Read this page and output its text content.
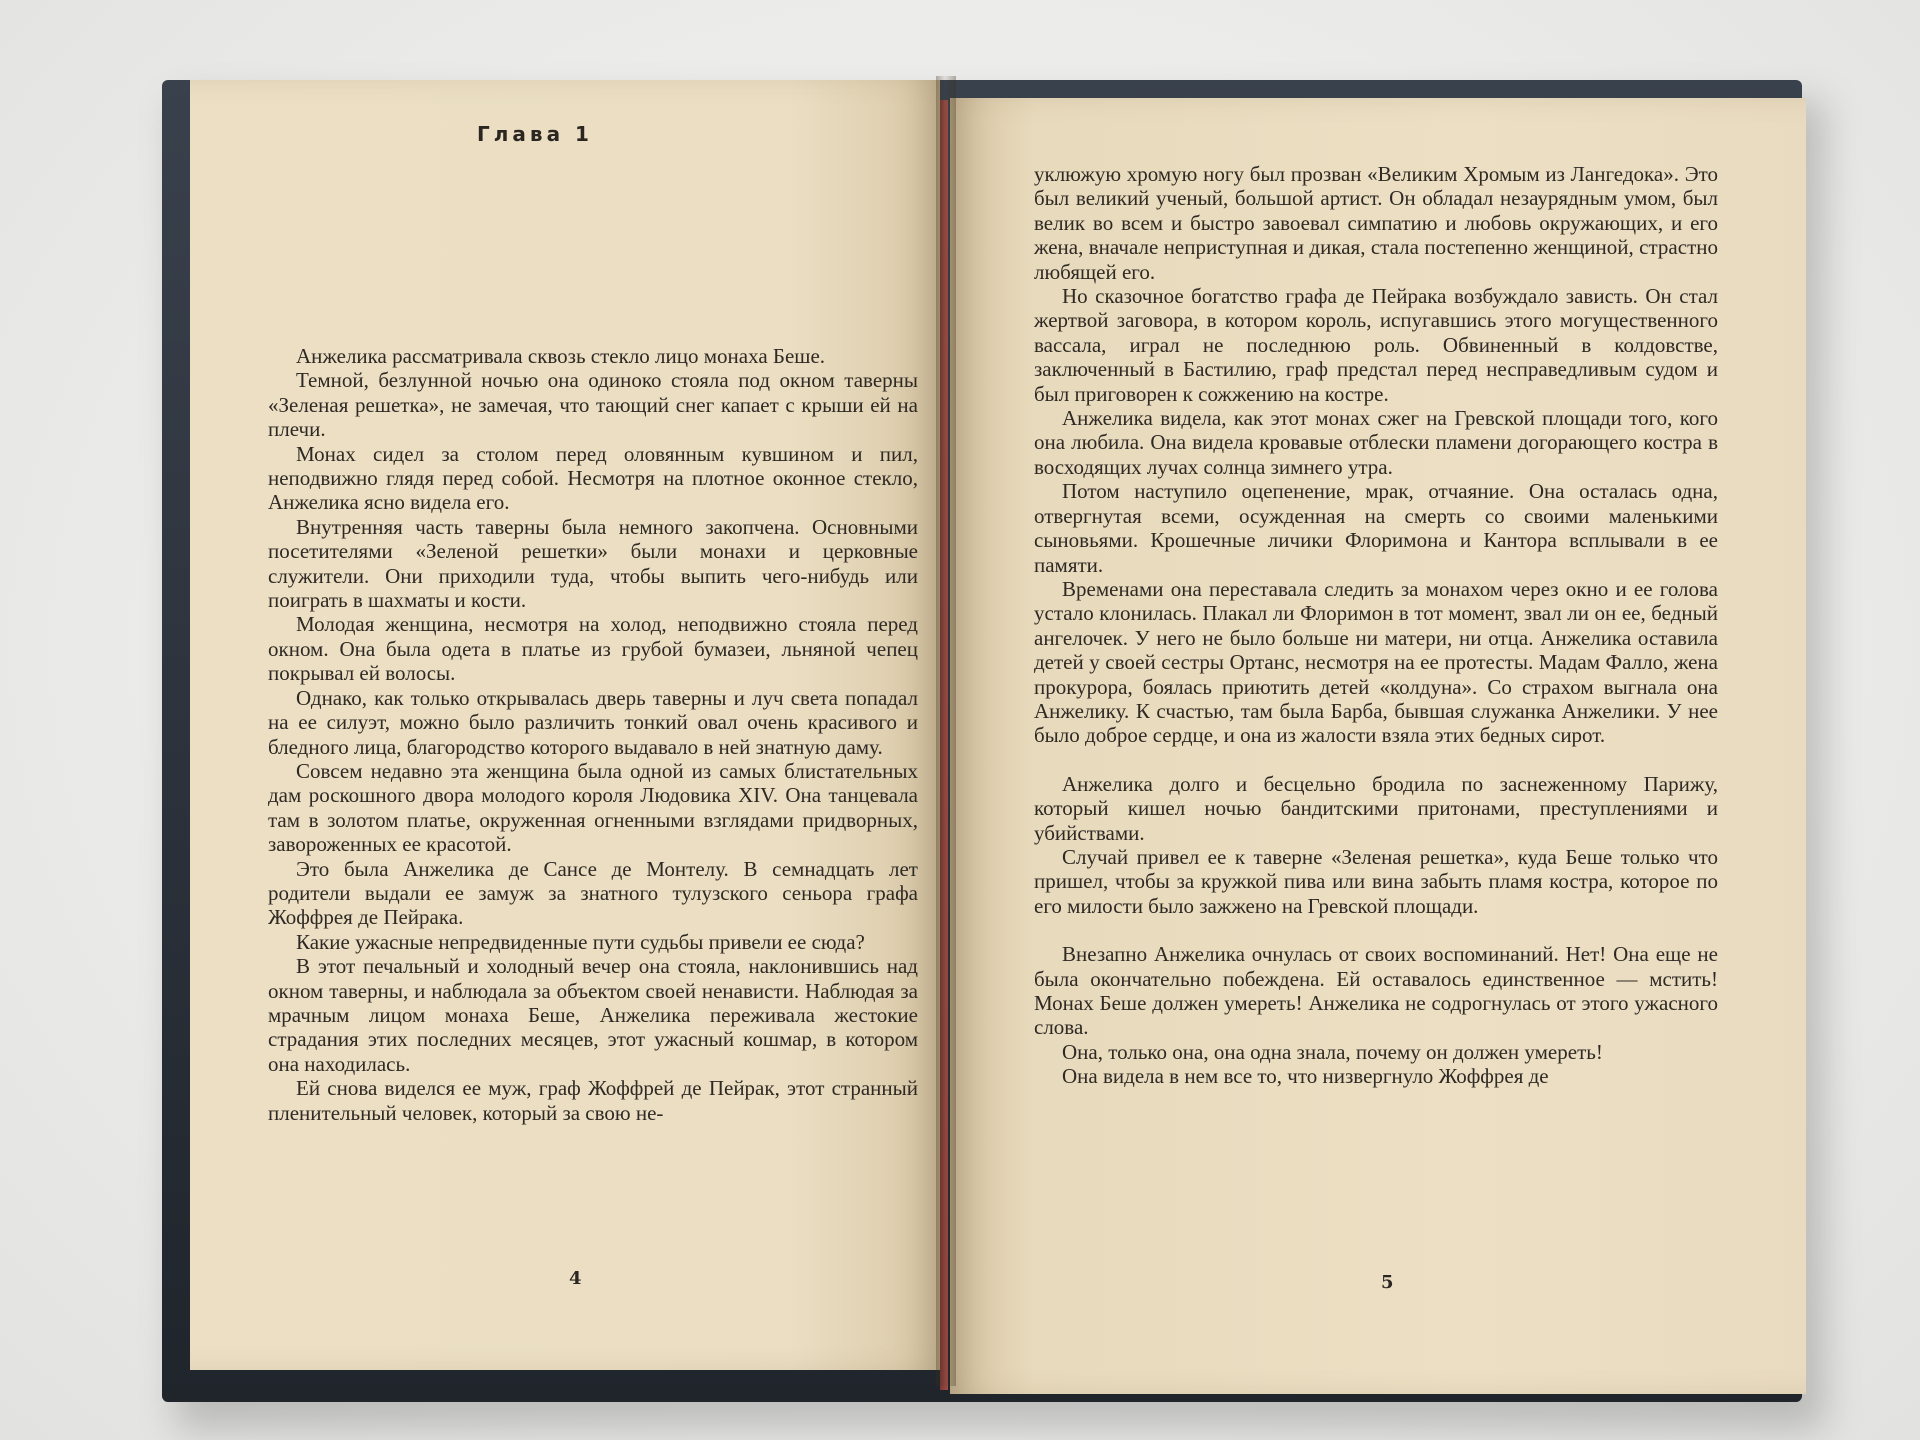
Глава 1

Анжелика рассматривала сквозь стекло лицо монаха Беше.

Темной, безлунной ночью она одиноко стояла под окном таверны «Зеленая решетка», не замечая, что тающий снег капает с крыши ей на плечи.

Монах сидел за столом перед оловянным кувшином и пил, неподвижно глядя перед собой. Несмотря на плотное оконное стекло, Анжелика ясно видела его.

Внутренняя часть таверны была немного закопчена. Основными посетителями «Зеленой решетки» были монахи и церковные служители. Они приходили туда, чтобы выпить чего-нибудь или поиграть в шахматы и кости.

Молодая женщина, несмотря на холод, неподвижно стояла перед окном. Она была одета в платье из грубой бумазеи, льняной чепец покрывал ей волосы.

Однако, как только открывалась дверь таверны и луч света попадал на ее силуэт, можно было различить тонкий овал очень красивого и бледного лица, благородство которого выдавало в ней знатную даму.

Совсем недавно эта женщина была одной из самых блистательных дам роскошного двора молодого короля Людовика XIV. Она танцевала там в золотом платье, окруженная огненными взглядами придворных, завороженных ее красотой.

Это была Анжелика де Сансе де Монтелу. В семнадцать лет родители выдали ее замуж за знатного тулузского сеньора графа Жоффрея де Пейрака.

Какие ужасные непредвиденные пути судьбы привели ее сюда?

В этот печальный и холодный вечер она стояла, наклонившись над окном таверны, и наблюдала за объектом своей ненависти. Наблюдая за мрачным лицом монаха Беше, Анжелика переживала жестокие страдания этих последних месяцев, этот ужасный кошмар, в котором она находилась.

Ей снова виделся ее муж, граф Жоффрей де Пейрак, этот странный пленительный человек, который за свою не-

4

уклюжую хромую ногу был прозван «Великим Хромым из Лангедока». Это был великий ученый, большой артист. Он обладал незаурядным умом, был велик во всем и быстро завоевал симпатию и любовь окружающих, и его жена, вначале неприступная и дикая, стала постепенно женщиной, страстно любящей его.

Но сказочное богатство графа де Пейрака возбуждало зависть. Он стал жертвой заговора, в котором король, испугавшись этого могущественного вассала, играл не последнюю роль. Обвиненный в колдовстве, заключенный в Бастилию, граф предстал перед несправедливым судом и был приговорен к сожжению на костре.

Анжелика видела, как этот монах сжег на Гревской площади того, кого она любила. Она видела кровавые отблески пламени догорающего костра в восходящих лучах солнца зимнего утра.

Потом наступило оцепенение, мрак, отчаяние. Она осталась одна, отвергнутая всеми, осужденная на смерть со своими маленькими сыновьями. Крошечные личики Флоримона и Кантора всплывали в ее памяти.

Временами она переставала следить за монахом через окно и ее голова устало клонилась. Плакал ли Флоримон в тот момент, звал ли он ее, бедный ангелочек. У него не было больше ни матери, ни отца. Анжелика оставила детей у своей сестры Ортанс, несмотря на ее протесты. Мадам Фалло, жена прокурора, боялась приютить детей «колдуна». Со страхом выгнала она Анжелику. К счастью, там была Барба, бывшая служанка Анжелики. У нее было доброе сердце, и она из жалости взяла этих бедных сирот.

Анжелика долго и бесцельно бродила по заснеженному Парижу, который кишел ночью бандитскими притонами, преступлениями и убийствами.

Случай привел ее к таверне «Зеленая решетка», куда Беше только что пришел, чтобы за кружкой пива или вина забыть пламя костра, которое по его милости было зажжено на Гревской площади.

Внезапно Анжелика очнулась от своих воспоминаний. Нет! Она еще не была окончательно побеждена. Ей оставалось единственное — мстить! Монах Беше должен умереть! Анжелика не содрогнулась от этого ужасного слова.

Она, только она, она одна знала, почему он должен умереть!

Она видела в нем все то, что низвергнуло Жоффрея де

5
